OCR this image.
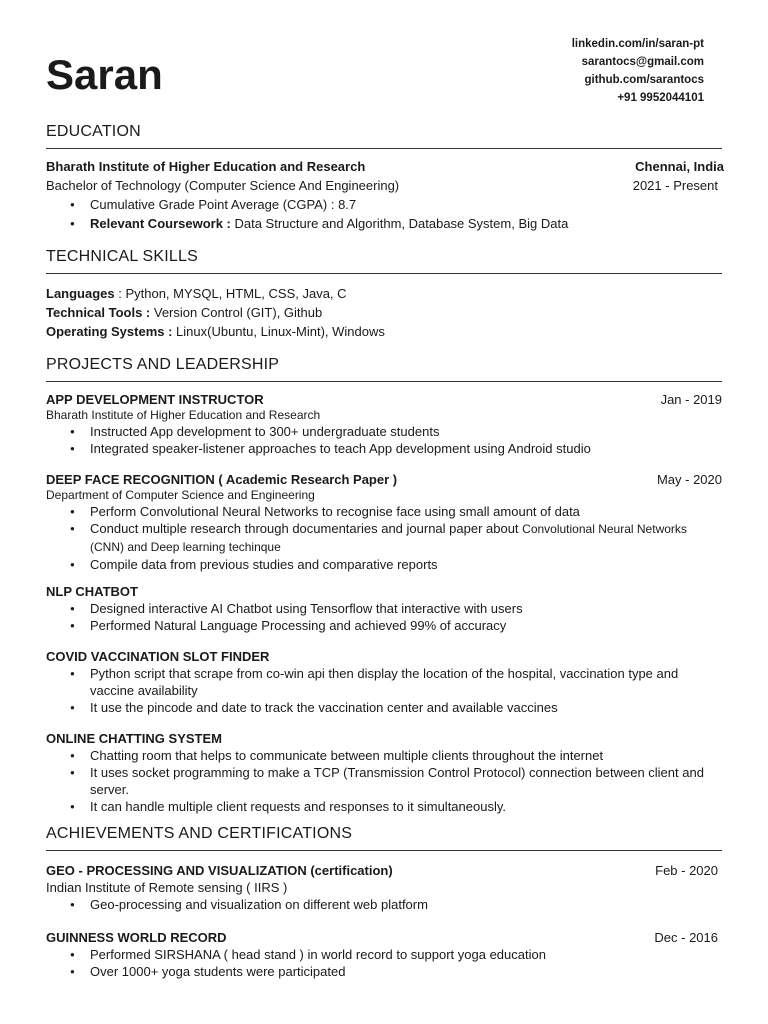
Saran
linkedin.com/in/saran-pt
sarantocs@gmail.com
github.com/sarantocs
+91 9952044101
EDUCATION
Bharath Institute of Higher Education and Research	Chennai, India
Bachelor of Technology (Computer Science And Engineering)	2021 - Present
● Cumulative Grade Point Average (CGPA) : 8.7
● Relevant Coursework : Data Structure and Algorithm, Database System, Big Data
TECHNICAL SKILLS
Languages : Python, MYSQL, HTML, CSS, Java, C
Technical Tools : Version Control (GIT), Github
Operating Systems : Linux(Ubuntu, Linux-Mint), Windows
PROJECTS AND LEADERSHIP
APP DEVELOPMENT INSTRUCTOR	Jan - 2019
Bharath Institute of Higher Education and Research
● Instructed App development to 300+ undergraduate students
● Integrated speaker-listener approaches to teach App development using Android studio
DEEP FACE RECOGNITION ( Academic Research Paper )	May - 2020
Department of Computer Science and Engineering
● Perform Convolutional Neural Networks to recognise face using small amount of data
● Conduct multiple research through documentaries and journal paper about Convolutional Neural Networks (CNN) and Deep learning techinque
● Compile data from previous studies and comparative reports
NLP CHATBOT
● Designed interactive AI Chatbot using Tensorflow that interactive with users
● Performed Natural Language Processing and achieved 99% of accuracy
COVID VACCINATION SLOT FINDER
● Python script that scrape from co-win api then display the location of the hospital, vaccination type and vaccine availability
● It use the pincode and date to track the vaccination center and available vaccines
ONLINE CHATTING SYSTEM
● Chatting room that helps to communicate between multiple clients throughout the internet
● It uses socket programming to make a TCP (Transmission Control Protocol) connection between client and server.
● It can handle multiple client requests and responses to it simultaneously.
ACHIEVEMENTS AND CERTIFICATIONS
GEO - PROCESSING AND VISUALIZATION (certification)	Feb - 2020
Indian Institute of Remote sensing ( IIRS )
● Geo-processing and visualization on different web platform
GUINNESS WORLD RECORD	Dec - 2016
● Performed SIRSHANA ( head stand ) in world record to support yoga education
● Over 1000+ yoga students were participated
